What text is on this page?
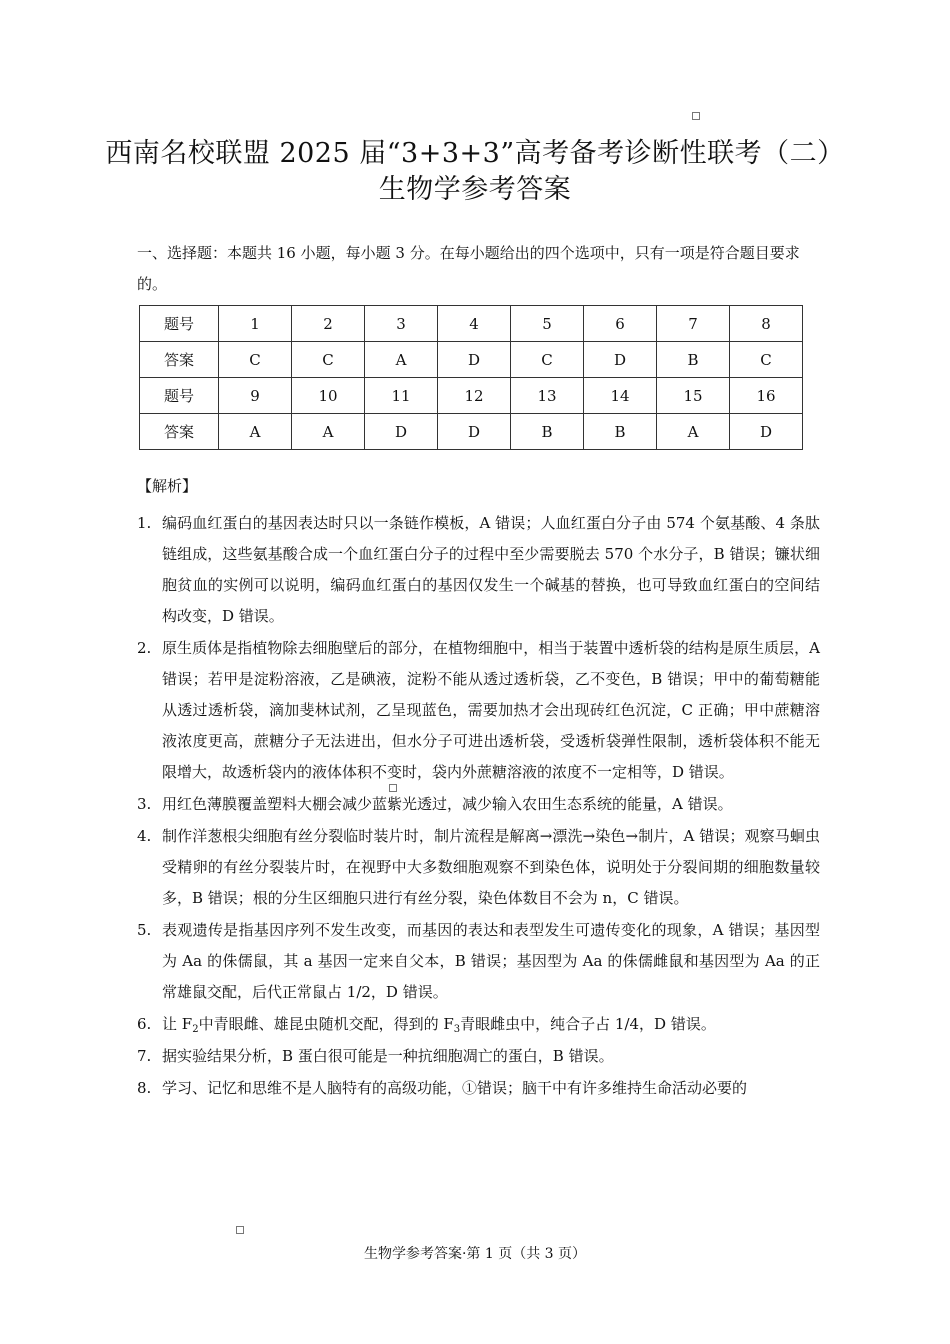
西南名校联盟 2025 届“3+3+3”高考备考诊断性联考（二）
生物学参考答案
一、选择题：本题共 16 小题，每小题 3 分。在每小题给出的四个选项中，只有一项是符合题目要求的。
题号	1	2	3	4	5	6	7	8
答案	C	C	A	D	C	D	B	C
题号	9	10	11	12	13	14	15	16
答案	A	A	D	D	B	B	A	D
【解析】
1. 编码血红蛋白的基因表达时只以一条链作模板，A 错误；人血红蛋白分子由 574 个氨基酸、4 条肽链组成，这些氨基酸合成一个血红蛋白分子的过程中至少需要脱去 570 个水分子，B 错误；镰状细胞贫血的实例可以说明，编码血红蛋白的基因仅发生一个碱基的替换，也可导致血红蛋白的空间结构改变，D 错误。
2. 原生质体是指植物除去细胞壁后的部分，在植物细胞中，相当于装置中透析袋的结构是原生质层，A 错误；若甲是淀粉溶液，乙是碘液，淀粉不能从透过透析袋，乙不变色，B 错误；甲中的葡萄糖能从透过透析袋，滴加斐林试剂，乙呈现蓝色，需要加热才会出现砖红色沉淀，C 正确；甲中蔗糖溶液浓度更高，蔗糖分子无法进出，但水分子可进出透析袋，受透析袋弹性限制，透析袋体积不能无限增大，故透析袋内的液体体积不变时，袋内外蔗糖溶液的浓度不一定相等，D 错误。
3. 用红色薄膜覆盖塑料大棚会减少蓝紫光透过，减少输入农田生态系统的能量，A 错误。
4. 制作洋葱根尖细胞有丝分裂临时装片时，制片流程是解离→漂洗→染色→制片，A 错误；观察马蛔虫受精卵的有丝分裂装片时，在视野中大多数细胞观察不到染色体，说明处于分裂间期的细胞数量较多，B 错误；根的分生区细胞只进行有丝分裂，染色体数目不会为 n，C 错误。
5. 表观遗传是指基因序列不发生改变，而基因的表达和表型发生可遗传变化的现象，A 错误；基因型为 Aa 的侏儒鼠，其 a 基因一定来自父本，B 错误；基因型为 Aa 的侏儒雌鼠和基因型为 Aa 的正常雄鼠交配，后代正常鼠占 1/2，D 错误。
6. 让 $F_2$中青眼雌、雄昆虫随机交配，得到的 $F_3$青眼雌虫中，纯合子占 1/4，D 错误。
7. 据实验结果分析，B 蛋白很可能是一种抗细胞凋亡的蛋白，B 错误。
8. 学习、记忆和思维不是人脑特有的高级功能，①错误；脑干中有许多维持生命活动必要的
生物学参考答案·第 1 页（共 3 页）
